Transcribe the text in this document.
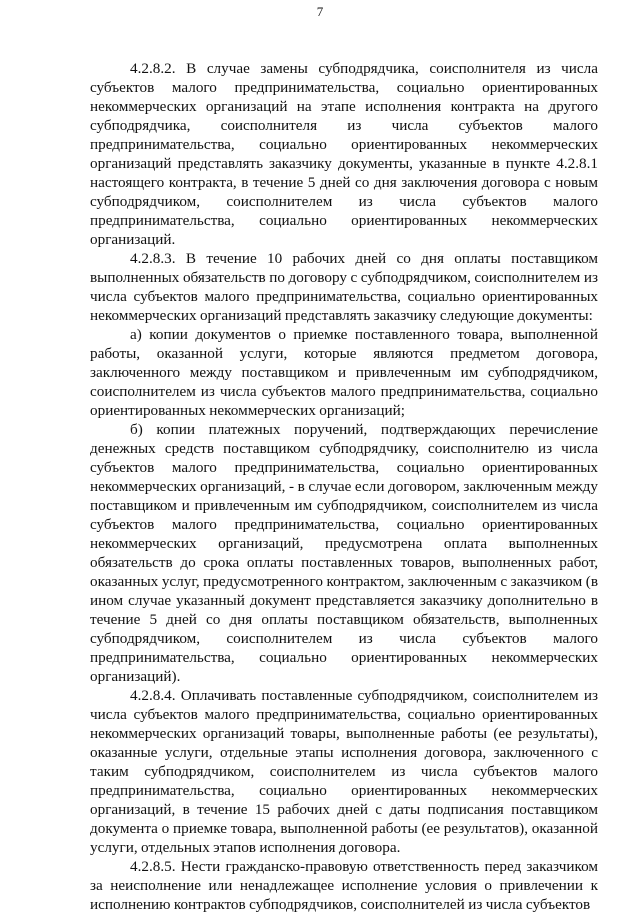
7

4.2.8.2. В случае замены субподрядчика, соисполнителя из числа субъектов малого предпринимательства, социально ориентированных некоммерческих организаций на этапе исполнения контракта на другого субподрядчика, соисполнителя из числа субъектов малого предпринимательства, социально ориентированных некоммерческих организаций представлять заказчику документы, указанные в пункте 4.2.8.1 настоящего контракта, в течение 5 дней со дня заключения договора с новым субподрядчиком, соисполнителем из числа субъектов малого предпринимательства, социально ориентированных некоммерческих организаций.

4.2.8.3. В течение 10 рабочих дней со дня оплаты поставщиком выполненных обязательств по договору с субподрядчиком, соисполнителем из числа субъектов малого предпринимательства, социально ориентированных некоммерческих организаций представлять заказчику следующие документы:

а) копии документов о приемке поставленного товара, выполненной работы, оказанной услуги, которые являются предметом договора, заключенного между поставщиком и привлеченным им субподрядчиком, соисполнителем из числа субъектов малого предпринимательства, социально ориентированных некоммерческих организаций;

б) копии платежных поручений, подтверждающих перечисление денежных средств поставщиком субподрядчику, соисполнителю из числа субъектов малого предпринимательства, социально ориентированных некоммерческих организаций, - в случае если договором, заключенным между поставщиком и привлеченным им субподрядчиком, соисполнителем из числа субъектов малого предпринимательства, социально ориентированных некоммерческих организаций, предусмотрена оплата выполненных обязательств до срока оплаты поставленных товаров, выполненных работ, оказанных услуг, предусмотренного контрактом, заключенным с заказчиком (в ином случае указанный документ представляется заказчику дополнительно в течение 5 дней со дня оплаты поставщиком обязательств, выполненных субподрядчиком, соисполнителем из числа субъектов малого предпринимательства, социально ориентированных некоммерческих организаций).

4.2.8.4. Оплачивать поставленные субподрядчиком, соисполнителем из числа субъектов малого предпринимательства, социально ориентированных некоммерческих организаций товары, выполненные работы (ее результаты), оказанные услуги, отдельные этапы исполнения договора, заключенного с таким субподрядчиком, соисполнителем из числа субъектов малого предпринимательства, социально ориентированных некоммерческих организаций, в течение 15 рабочих дней с даты подписания поставщиком документа о приемке товара, выполненной работы (ее результатов), оказанной услуги, отдельных этапов исполнения договора.

4.2.8.5. Нести гражданско-правовую ответственность перед заказчиком за неисполнение или ненадлежащее исполнение условия о привлечении к исполнению контрактов субподрядчиков, соисполнителей из числа субъектов
